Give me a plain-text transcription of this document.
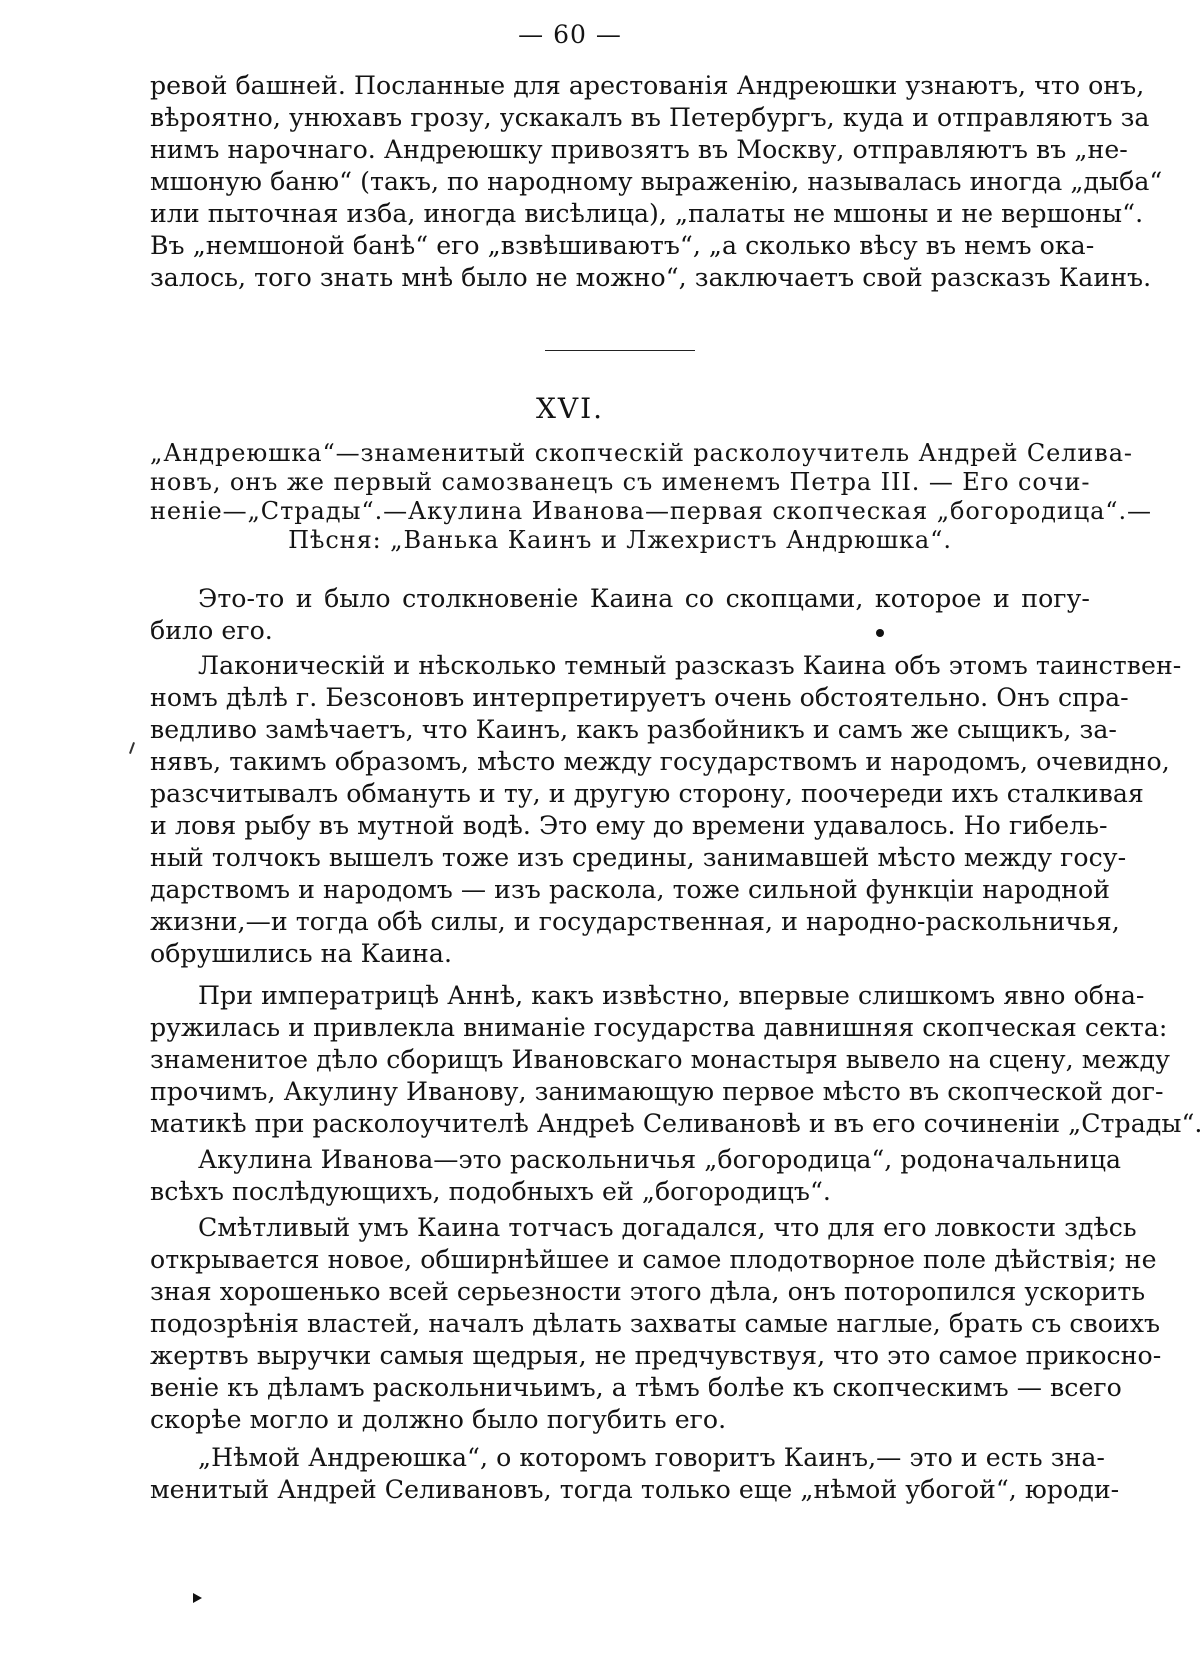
— 60 —
ревой башней. Посланные для арестованія Андреюшки узнаютъ, что онъ,
вѣроятно, унюхавъ грозу, ускакалъ въ Петербургъ, куда и отправляютъ за
нимъ нарочнаго. Андреюшку привозятъ въ Москву, отправляютъ въ „не-
мшоную баню“ (такъ, по народному выраженію, называлась иногда „дыба“
или пыточная изба, иногда висѣлица), „палаты не мшоны и не вершоны“.
Въ „немшоной банѣ“ его „взвѣшиваютъ“, „а сколько вѣсу въ немъ ока-
залось, того знать мнѣ было не можно“, заключаетъ свой разсказъ Каинъ.
XVI.
„Андреюшка“—знаменитый скопческій расколоучитель Андрей Селива-
новъ, онъ же первый самозванецъ съ именемъ Петра III. — Его сочи-
неніе—„Страды“.—Акулина Иванова—первая скопческая „богородица“.—
Пѣсня: „Ванька Каинъ и Лжехристъ Андрюшка“.
Это-то и было столкновеніе Каина со скопцами, которое и погу-
било его.
Лаконическій и нѣсколько темный разсказъ Каина объ этомъ таинствен-
номъ дѣлѣ г. Безсоновъ интерпретируетъ очень обстоятельно. Онъ спра-
ведливо замѣчаетъ, что Каинъ, какъ разбойникъ и самъ же сыщикъ, за-
нявъ, такимъ образомъ, мѣсто между государствомъ и народомъ, очевидно,
разсчитывалъ обмануть и ту, и другую сторону, поочереди ихъ сталкивая
и ловя рыбу въ мутной водѣ. Это ему до времени удавалось. Но гибель-
ный толчокъ вышелъ тоже изъ средины, занимавшей мѣсто между госу-
дарствомъ и народомъ — изъ раскола, тоже сильной функціи народной
жизни,—и тогда обѣ силы, и государственная, и народно-раскольничья,
обрушились на Каина.
При императрицѣ Аннѣ, какъ извѣстно, впервые слишкомъ явно обна-
ружилась и привлекла вниманіе государства давнишняя скопческая секта:
знаменитое дѣло сборищъ Ивановскаго монастыря вывело на сцену, между
прочимъ, Акулину Иванову, занимающую первое мѣсто въ скопческой дог-
матикѣ при расколоучителѣ Андреѣ Селивановѣ и въ его сочиненіи „Страды“.
Акулина Иванова—это раскольничья „богородица“, родоначальница
всѣхъ послѣдующихъ, подобныхъ ей „богородицъ“.
Смѣтливый умъ Каина тотчасъ догадался, что для его ловкости здѣсь
открывается новое, обширнѣйшее и самое плодотворное поле дѣйствія; не
зная хорошенько всей серьезности этого дѣла, онъ поторопился ускорить
подозрѣнія властей, началъ дѣлать захваты самые наглые, брать съ своихъ
жертвъ выручки самыя щедрыя, не предчувствуя, что это самое прикосно-
веніе къ дѣламъ раскольничьимъ, а тѣмъ болѣе къ скопческимъ — всего
скорѣе могло и должно было погубить его.
„Нѣмой Андреюшка“, о которомъ говоритъ Каинъ,— это и есть зна-
менитый Андрей Селивановъ, тогда только еще „нѣмой убогой“, юроди-
